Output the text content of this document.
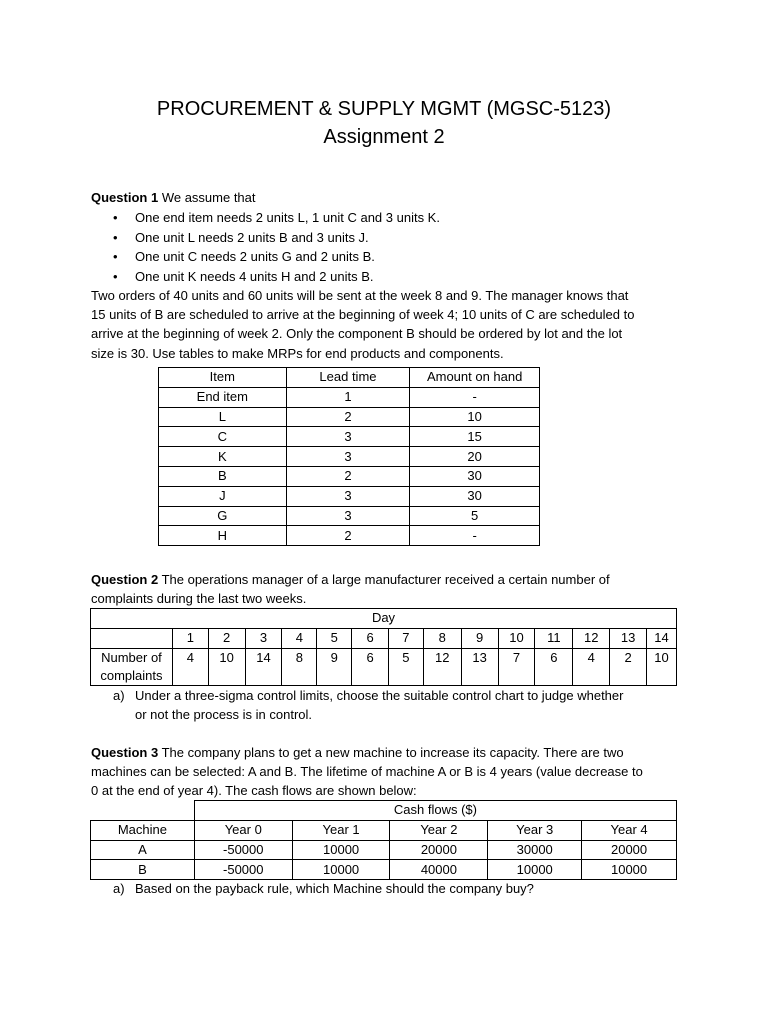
PROCUREMENT & SUPPLY MGMT (MGSC-5123)
Assignment 2
Question 1 We assume that
• One end item needs 2 units L, 1 unit C and 3 units K.
• One unit L needs 2 units B and 3 units J.
• One unit C needs 2 units G and 2 units B.
• One unit K needs 4 units H and 2 units B.
Two orders of 40 units and 60 units will be sent at the week 8 and 9. The manager knows that
15 units of B are scheduled to arrive at the beginning of week 4; 10 units of C are scheduled to
arrive at the beginning of week 2. Only the component B should be ordered by lot and the lot
size is 30. Use tables to make MRPs for end products and components.
Item	Lead time	Amount on hand
End item	1	-
L	2	10
C	3	15
K	3	20
B	2	30
J	3	30
G	3	5
H	2	-
Question 2 The operations manager of a large manufacturer received a certain number of
complaints during the last two weeks.
Day														
	1	2	3	4	5	6	7	8	9	10	11	12	13	14

Number of
complaints	4	10	14	8	9	6	5	12	13	7	6	4	2	10
a) Under a three-sigma control limits, choose the suitable control chart to judge whether
or not the process is in control.
Question 3 The company plans to get a new machine to increase its capacity. There are two
machines can be selected: A and B. The lifetime of machine A or B is 4 years (value decrease to
0 at the end of year 4). The cash flows are shown below:
	Cash flows ($)				
Machine	Year 0	Year 1	Year 2	Year 3	Year 4
A	-50000	10000	20000	30000	20000
B	-50000	10000	40000	10000	10000
a) Based on the payback rule, which Machine should the company buy?
